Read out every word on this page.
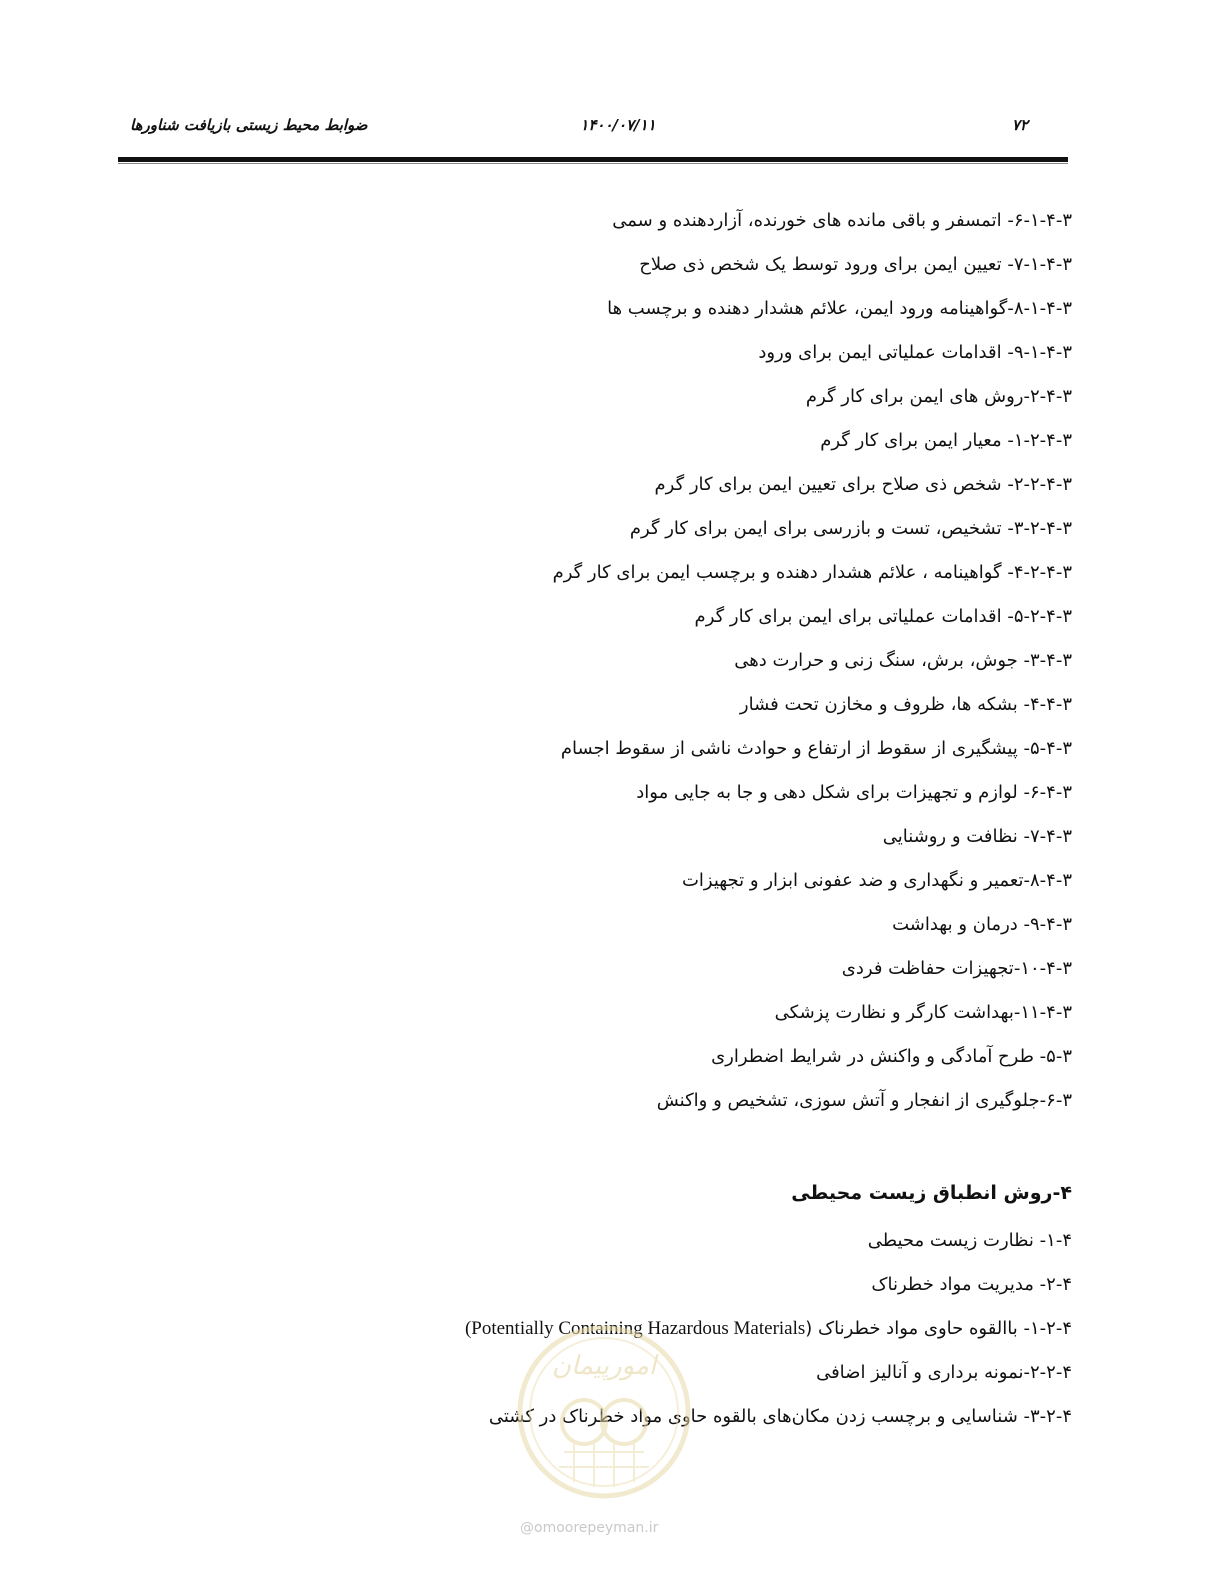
ضوابط محیط زیستی بازیافت شناورها	۱۴۰۰/۰۷/۱۱	۷۲
۶-۱-۴-۳- اتمسفر و باقی مانده های خورنده، آزاردهنده و سمی
۷-۱-۴-۳- تعیین ایمن برای ورود توسط یک شخص ذی صلاح
۸-۱-۴-۳-گواهینامه ورود ایمن، علائم هشدار دهنده و برچسب ها
۹-۱-۴-۳- اقدامات عملیاتی ایمن برای ورود
۲-۴-۳-روش های ایمن برای کار گرم
۱-۲-۴-۳- معیار ایمن برای کار گرم
۲-۲-۴-۳- شخص ذی صلاح برای تعیین ایمن برای کار گرم
۳-۲-۴-۳- تشخیص، تست و بازرسی برای ایمن برای کار گرم
۴-۲-۴-۳- گواهینامه ، علائم هشدار دهنده و برچسب ایمن برای کار گرم
۵-۲-۴-۳- اقدامات عملیاتی برای ایمن برای کار گرم
۳-۴-۳- جوش، برش، سنگ زنی و حرارت دهی
۴-۴-۳- بشکه ها، ظروف و مخازن تحت فشار
۵-۴-۳- پیشگیری از سقوط از ارتفاع و حوادث ناشی از سقوط اجسام
۶-۴-۳- لوازم و تجهیزات برای شکل دهی و جا به جایی مواد
۷-۴-۳- نظافت و روشنایی
۸-۴-۳-تعمیر و نگهداری و ضد عفونی ابزار و تجهیزات
۹-۴-۳- درمان و بهداشت
۱۰-۴-۳-تجهیزات حفاظت فردی
۱۱-۴-۳-بهداشت کارگر و نظارت پزشکی
۵-۳- طرح آمادگی و واکنش در شرایط اضطراری
۶-۳-جلوگیری از انفجار و آتش سوزی، تشخیص و واکنش
۴-روش انطباق زیست محیطی
۱-۴- نظارت زیست محیطی
۲-۴- مدیریت مواد خطرناک
۱-۲-۴- باالقوه حاوی مواد خطرناک ((Potentially Containing Hazardous Materials
۲-۲-۴-نمونه برداری و آنالیز اضافی
۳-۲-۴- شناسایی و برچسب زدن مکان‌های بالقوه حاوی مواد خطرناک در کشتی
امورپیمان
@omoorepeyman.ir
